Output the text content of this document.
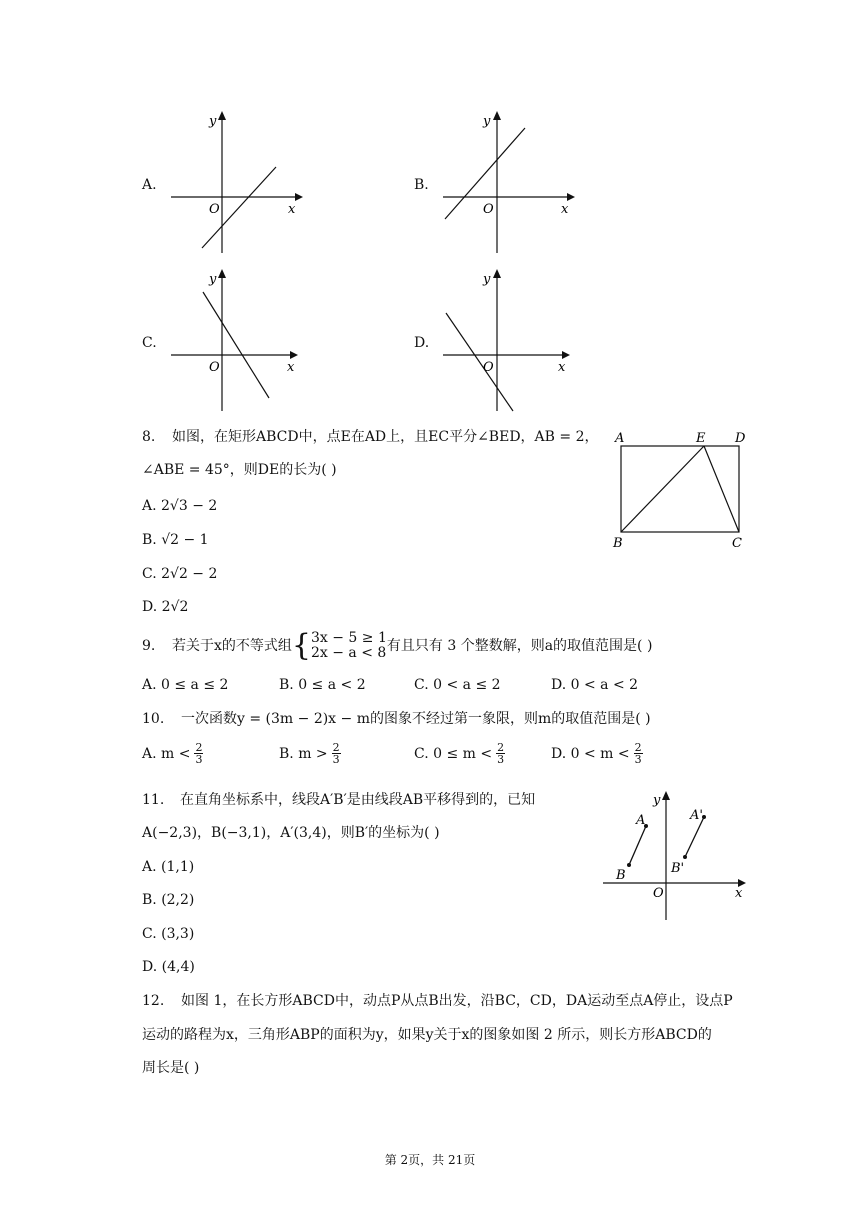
A.
y
x
O
B.
y
x
O
C.
y
x
O
D.
y
x
O
8. 如图，在矩形ABCD中，点E在AD上，且EC平分∠BED，AB = 2，
∠ABE = 45°，则DE的长为( )
A. 2√3 − 2
B. √2 − 1
C. 2√2 − 2
D. 2√2
A	E D
B	C
9. 若关于x的不等式组 { 3x − 5 ≥ 1
2x − a < 8 有且只有 3 个整数解，则a的取值范围是( )
A. 0 ≤ a ≤ 2	B. 0 ≤ a < 2	C. 0 < a ≤ 2	D. 0 < a < 2
10. 一次函数y = (3m − 2)x − m的图象不经过第一象限，则m的取值范围是( )
A. $m < \frac{2}{3}$	B. $m > \frac{2}{3}$	C. $0 \le m < \frac{2}{3}$	D. $0 < m < \frac{2}{3}$
11. 在直角坐标系中，线段A′B′是由线段AB平移得到的，已知
A(−2,3)，B(−3,1)，A′(3,4)，则B′的坐标为( )
A. (1,1)
B. (2,2)
C. (3,3)
D. (4,4)
y
x
O
A
B
A'
B'
12. 如图 1，在长方形ABCD中，动点P从点B出发，沿BC，CD，DA运动至点A停止，设点P
运动的路程为x，三角形ABP的面积为y，如果y关于x的图象如图 2 所示，则长方形ABCD的
周长是( )
第 2页，共 21页
